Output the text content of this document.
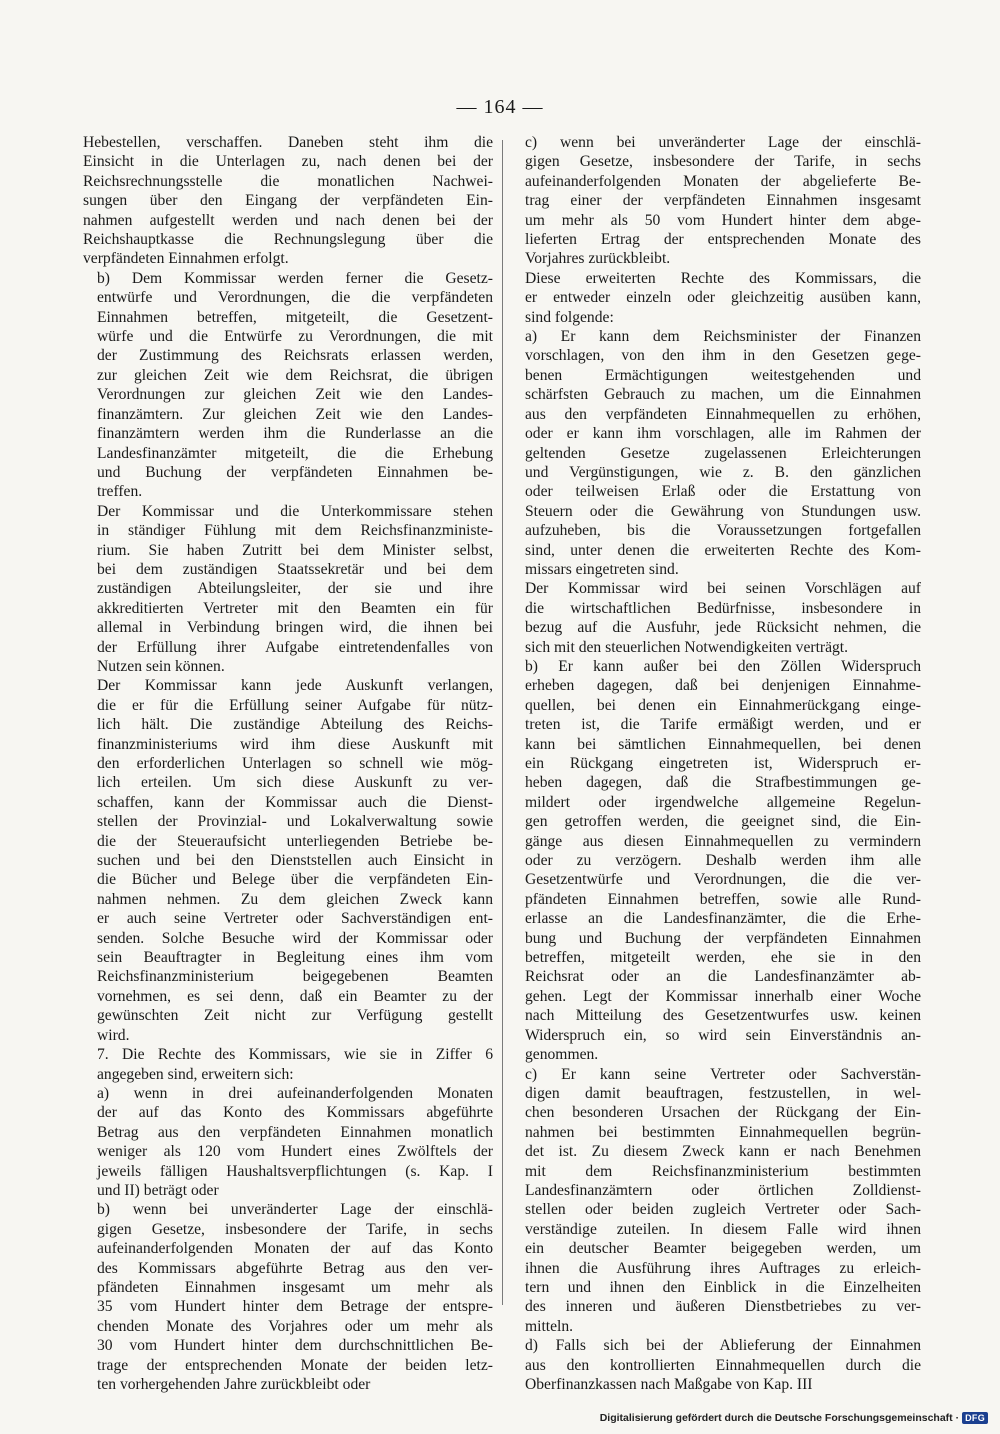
— 164 —

Hebestellen, verschaffen. Daneben steht ihm die
Einsicht in die Unterlagen zu, nach denen bei der
Reichsrechnungsstelle die monatlichen Nachwei-
sungen über den Eingang der verpfändeten Ein-
nahmen aufgestellt werden und nach denen bei der
Reichshauptkasse die Rechnungslegung über die
verpfändeten Einnahmen erfolgt.

b) Dem Kommissar werden ferner die Gesetz-
entwürfe und Verordnungen, die die verpfändeten
Einnahmen betreffen, mitgeteilt, die Gesetzent-
würfe und die Entwürfe zu Verordnungen, die mit
der Zustimmung des Reichsrats erlassen werden,
zur gleichen Zeit wie dem Reichsrat, die übrigen
Verordnungen zur gleichen Zeit wie den Landes-
finanzämtern. Zur gleichen Zeit wie den Landes-
finanzämtern werden ihm die Runderlasse an die
Landesfinanzämter mitgeteilt, die die Erhebung
und Buchung der verpfändeten Einnahmen be-
treffen.

Der Kommissar und die Unterkommissare stehen
in ständiger Fühlung mit dem Reichsfinanzministe-
rium. Sie haben Zutritt bei dem Minister selbst,
bei dem zuständigen Staatssekretär und bei dem
zuständigen Abteilungsleiter, der sie und ihre
akkreditierten Vertreter mit den Beamten ein für
allemal in Verbindung bringen wird, die ihnen bei
der Erfüllung ihrer Aufgabe eintretendenfalles von
Nutzen sein können.

Der Kommissar kann jede Auskunft verlangen,
die er für die Erfüllung seiner Aufgabe für nütz-
lich hält. Die zuständige Abteilung des Reichs-
finanzministeriums wird ihm diese Auskunft mit
den erforderlichen Unterlagen so schnell wie mög-
lich erteilen. Um sich diese Auskunft zu ver-
schaffen, kann der Kommissar auch die Dienst-
stellen der Provinzial- und Lokalverwaltung sowie
die der Steueraufsicht unterliegenden Betriebe be-
suchen und bei den Dienststellen auch Einsicht in
die Bücher und Belege über die verpfändeten Ein-
nahmen nehmen. Zu dem gleichen Zweck kann
er auch seine Vertreter oder Sachverständigen ent-
senden. Solche Besuche wird der Kommissar oder
sein Beauftragter in Begleitung eines ihm vom
Reichsfinanzministerium beigegebenen Beamten
vornehmen, es sei denn, daß ein Beamter zu der
gewünschten Zeit nicht zur Verfügung gestellt
wird.

7. Die Rechte des Kommissars, wie sie in Ziffer 6
angegeben sind, erweitern sich:

a) wenn in drei aufeinanderfolgenden Monaten
der auf das Konto des Kommissars abgeführte
Betrag aus den verpfändeten Einnahmen monatlich
weniger als 120 vom Hundert eines Zwölftels der
jeweils fälligen Haushaltsverpflichtungen (s. Kap. I
und II) beträgt oder

b) wenn bei unveränderter Lage der einschlä-
gigen Gesetze, insbesondere der Tarife, in sechs
aufeinanderfolgenden Monaten der auf das Konto
des Kommissars abgeführte Betrag aus den ver-
pfändeten Einnahmen insgesamt um mehr als
35 vom Hundert hinter dem Betrage der entspre-
chenden Monate des Vorjahres oder um mehr als
30 vom Hundert hinter dem durchschnittlichen Be-
trage der entsprechenden Monate der beiden letz-
ten vorhergehenden Jahre zurückbleibt oder

c) wenn bei unveränderter Lage der einschlä-
gigen Gesetze, insbesondere der Tarife, in sechs
aufeinanderfolgenden Monaten der abgelieferte Be-
trag einer der verpfändeten Einnahmen insgesamt
um mehr als 50 vom Hundert hinter dem abge-
lieferten Ertrag der entsprechenden Monate des
Vorjahres zurückbleibt.

Diese erweiterten Rechte des Kommissars, die
er entweder einzeln oder gleichzeitig ausüben kann,
sind folgende:

a) Er kann dem Reichsminister der Finanzen
vorschlagen, von den ihm in den Gesetzen gege-
benen Ermächtigungen weitestgehenden und
schärfsten Gebrauch zu machen, um die Einnahmen
aus den verpfändeten Einnahmequellen zu erhöhen,
oder er kann ihm vorschlagen, alle im Rahmen der
geltenden Gesetze zugelassenen Erleichterungen
und Vergünstigungen, wie z. B. den gänzlichen
oder teilweisen Erlaß oder die Erstattung von
Steuern oder die Gewährung von Stundungen usw.
aufzuheben, bis die Voraussetzungen fortgefallen
sind, unter denen die erweiterten Rechte des Kom-
missars eingetreten sind.

Der Kommissar wird bei seinen Vorschlägen auf
die wirtschaftlichen Bedürfnisse, insbesondere in
bezug auf die Ausfuhr, jede Rücksicht nehmen, die
sich mit den steuerlichen Notwendigkeiten verträgt.

b) Er kann außer bei den Zöllen Widerspruch
erheben dagegen, daß bei denjenigen Einnahme-
quellen, bei denen ein Einnahmerückgang einge-
treten ist, die Tarife ermäßigt werden, und er
kann bei sämtlichen Einnahmequellen, bei denen
ein Rückgang eingetreten ist, Widerspruch er-
heben dagegen, daß die Strafbestimmungen ge-
mildert oder irgendwelche allgemeine Regelun-
gen getroffen werden, die geeignet sind, die Ein-
gänge aus diesen Einnahmequellen zu vermindern
oder zu verzögern. Deshalb werden ihm alle
Gesetzentwürfe und Verordnungen, die die ver-
pfändeten Einnahmen betreffen, sowie alle Rund-
erlasse an die Landesfinanzämter, die die Erhe-
bung und Buchung der verpfändeten Einnahmen
betreffen, mitgeteilt werden, ehe sie in den
Reichsrat oder an die Landesfinanzämter ab-
gehen. Legt der Kommissar innerhalb einer Woche
nach Mitteilung des Gesetzentwurfes usw. keinen
Widerspruch ein, so wird sein Einverständnis an-
genommen.

c) Er kann seine Vertreter oder Sachverstän-
digen damit beauftragen, festzustellen, in wel-
chen besonderen Ursachen der Rückgang der Ein-
nahmen bei bestimmten Einnahmequellen begrün-
det ist. Zu diesem Zweck kann er nach Benehmen
mit dem Reichsfinanzministerium bestimmten
Landesfinanzämtern oder örtlichen Zolldienst-
stellen oder beiden zugleich Vertreter oder Sach-
verständige zuteilen. In diesem Falle wird ihnen
ein deutscher Beamter beigegeben werden, um
ihnen die Ausführung ihres Auftrages zu erleich-
tern und ihnen den Einblick in die Einzelheiten
des inneren und äußeren Dienstbetriebes zu ver-
mitteln.

d) Falls sich bei der Ablieferung der Einnahmen
aus den kontrollierten Einnahmequellen durch die
Oberfinanzkassen nach Maßgabe von Kap. III

Digitalisierung gefördert durch die Deutsche Forschungsgemeinschaft · DFG
